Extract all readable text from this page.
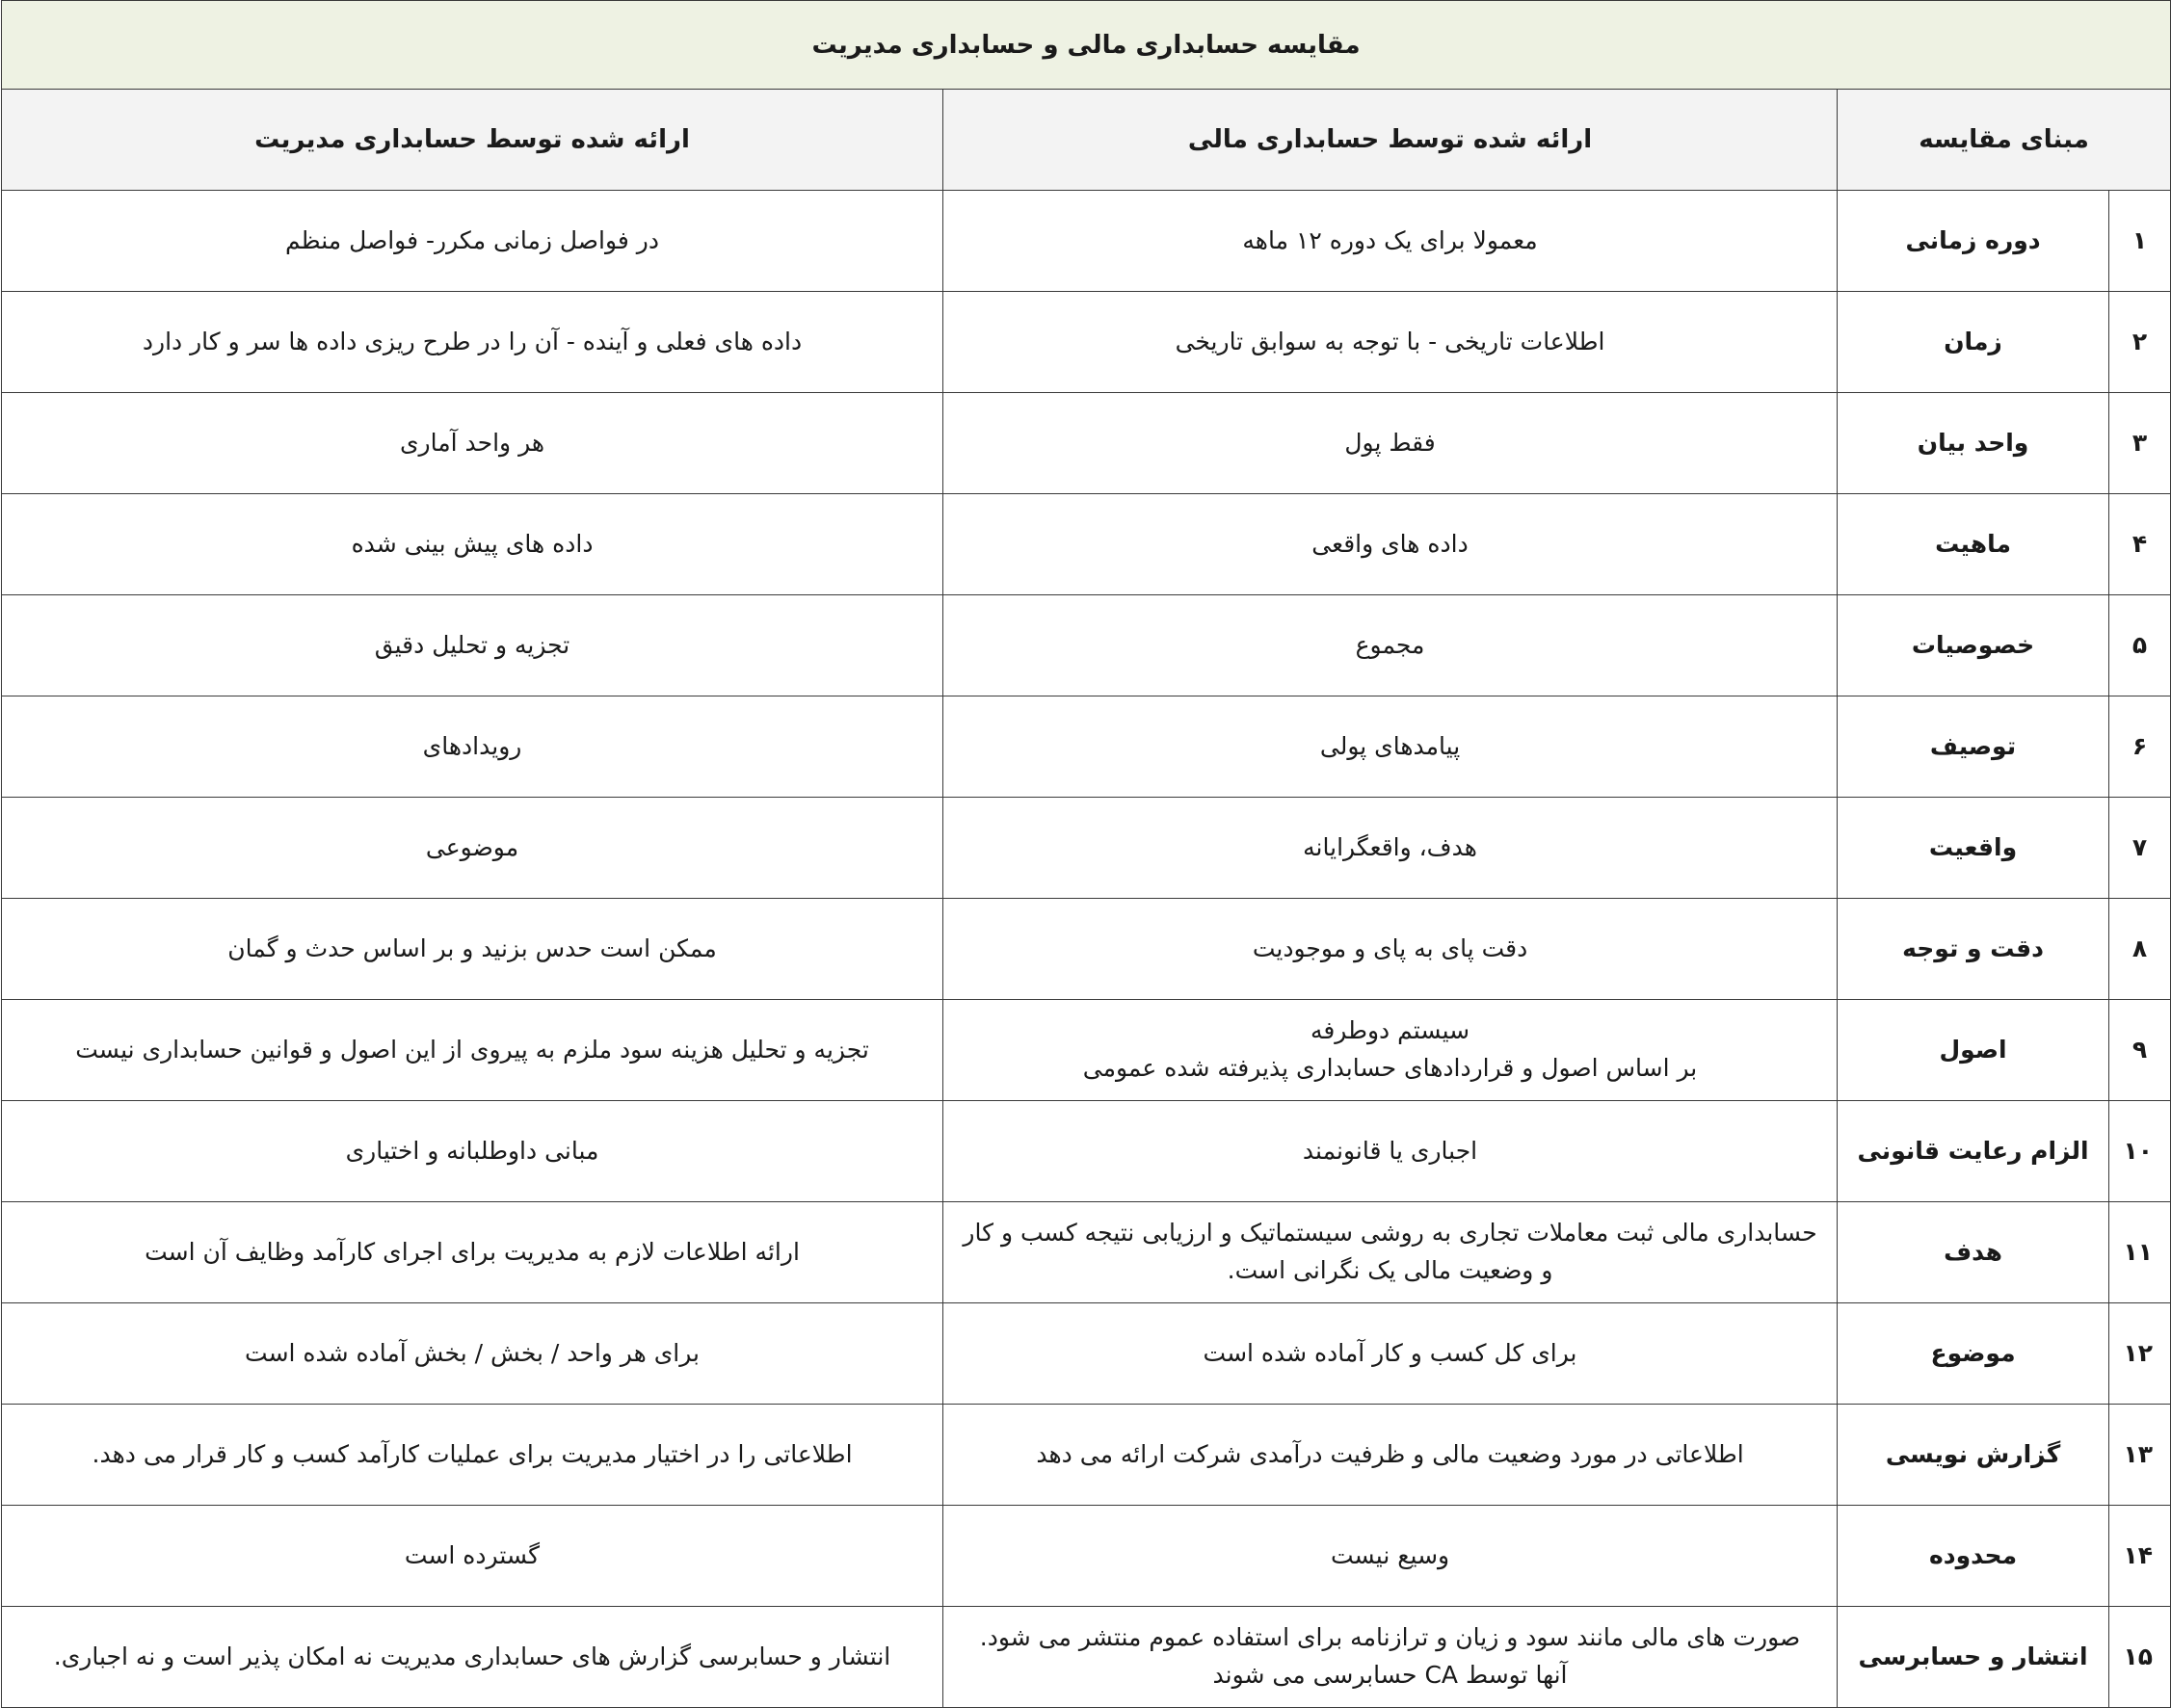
مقایسه حسابداری مالی و حسابداری مدیریت			
مبنای مقایسه		ارائه شده توسط حسابداری مالی	ارائه شده توسط حسابداری مدیریت
۱	دوره زمانی	معمولا برای یک دوره ۱۲ ماهه	در فواصل زمانی مکرر- فواصل منظم
۲	زمان	اطلاعات تاریخی - با توجه به سوابق تاریخی	داده های فعلی و آینده - آن را در طرح ریزی داده ها سر و کار دارد
۳	واحد بیان	فقط پول	هر واحد آماری
۴	ماهیت	داده های واقعی	داده های پیش بینی شده
۵	خصوصیات	مجموع	تجزیه و تحلیل دقیق
۶	توصیف	پیامدهای پولی	رویدادهای
۷	واقعیت	هدف، واقعگرایانه	موضوعی
۸	دقت و توجه	دقت پای به پای و موجودیت	ممکن است حدس بزنید و بر اساس حدث و گمان
۹	اصول	سیستم دوطرفه
بر اساس اصول و قراردادهای حسابداری پذیرفته شده عمومی	تجزیه و تحلیل هزینه سود ملزم به پیروی از این اصول و قوانین حسابداری نیست
۱۰	الزام رعایت قانونی	اجباری یا قانونمند	مبانی داوطلبانه و اختیاری
۱۱	هدف	حسابداری مالی ثبت معاملات تجاری به روشی سیستماتیک و ارزیابی نتیجه کسب و کار و وضعیت مالی یک نگرانی است.	ارائه اطلاعات لازم به مدیریت برای اجرای کارآمد وظایف آن است
۱۲	موضوع	برای کل کسب و کار آماده شده است	برای هر واحد / بخش / بخش آماده شده است
۱۳	گزارش نویسی	اطلاعاتی در مورد وضعیت مالی و ظرفیت درآمدی شرکت ارائه می دهد	اطلاعاتی را در اختیار مدیریت برای عملیات کارآمد کسب و کار قرار می دهد.
۱۴	محدوده	وسیع نیست	گسترده است
۱۵	انتشار و حسابرسی	صورت های مالی مانند سود و زیان و ترازنامه برای استفاده عموم منتشر می شود. آنها توسط CA حسابرسی می شوند	انتشار و حسابرسی گزارش های حسابداری مدیریت نه امکان پذیر است و نه اجباری.
